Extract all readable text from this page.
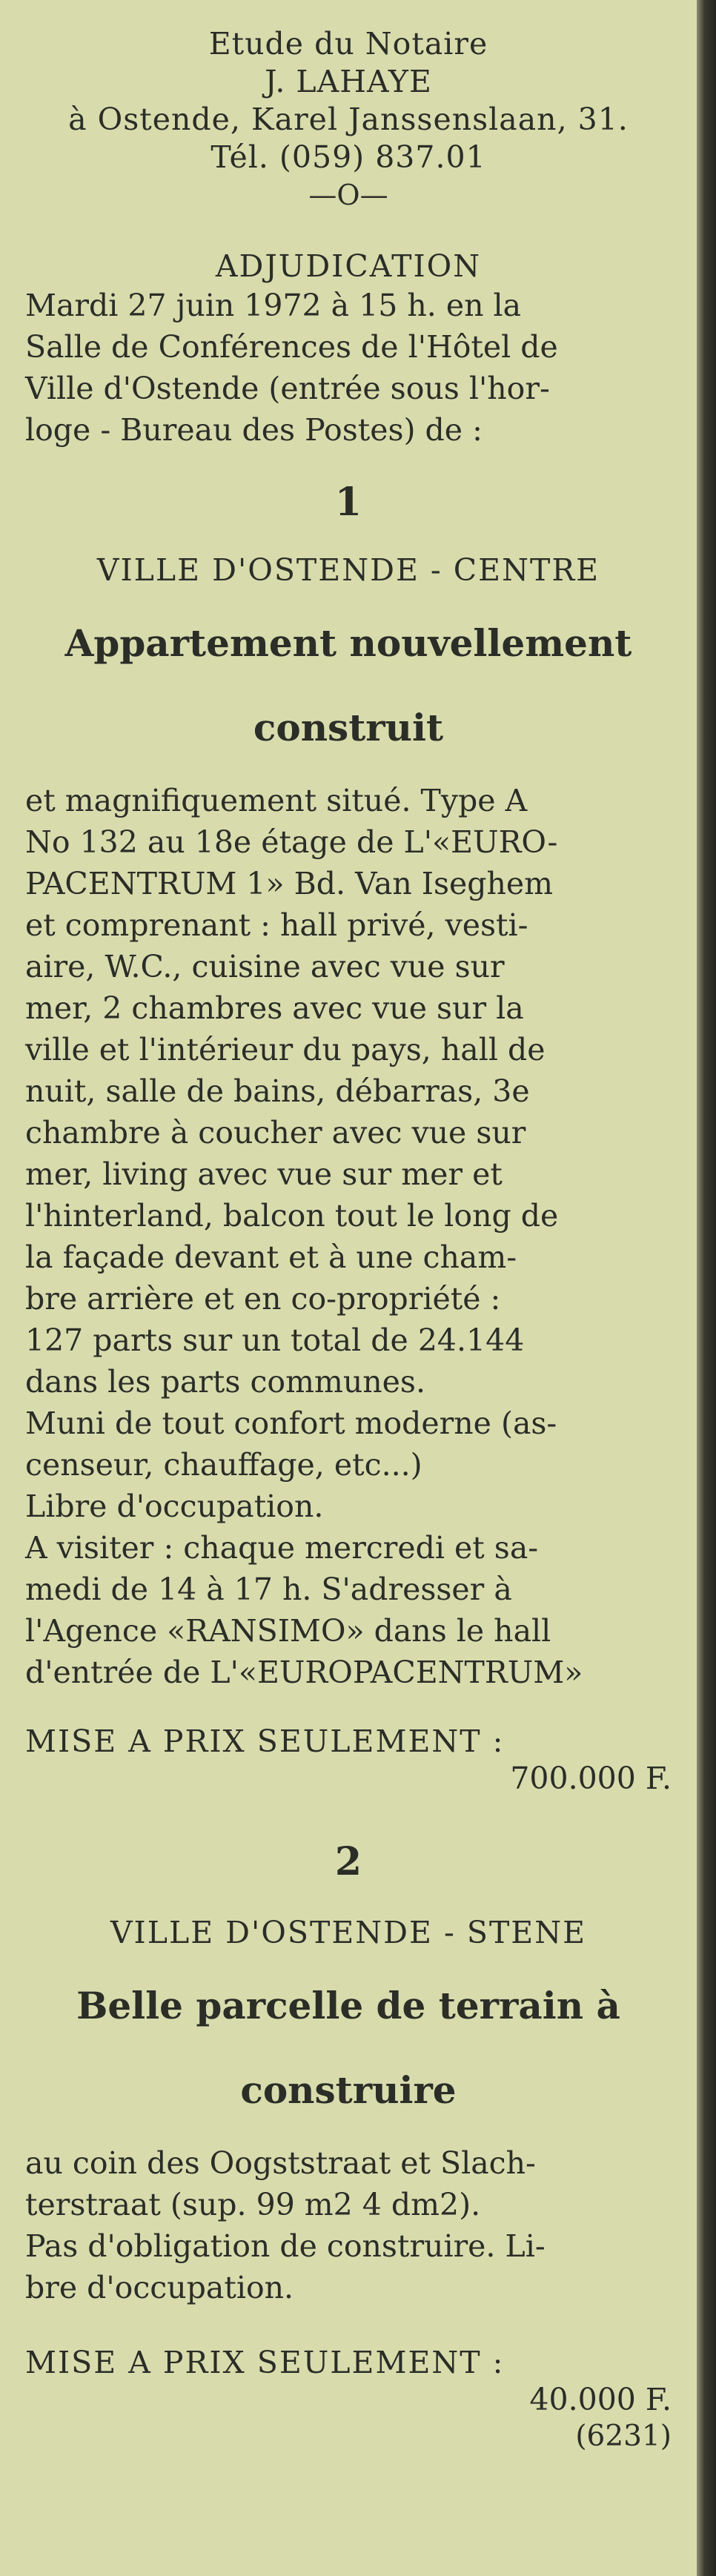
Etude du Notaire
J. LAHAYE
à Ostende, Karel Janssenslaan, 31.
Tél. (059) 837.01
—O—
ADJUDICATION
Mardi 27 juin 1972 à 15 h. en la
Salle de Conférences de l'Hôtel de
Ville d'Ostende (entrée sous l'hor-
loge - Bureau des Postes) de :
1
VILLE D'OSTENDE - CENTRE
Appartement nouvellement
construit
et magnifiquement situé. Type A
No 132 au 18e étage de L'«EURO-
PACENTRUM 1» Bd. Van Iseghem
et comprenant : hall privé, vesti-
aire, W.C., cuisine avec vue sur
mer, 2 chambres avec vue sur la
ville et l'intérieur du pays, hall de
nuit, salle de bains, débarras, 3e
chambre à coucher avec vue sur
mer, living avec vue sur mer et
l'hinterland, balcon tout le long de
la façade devant et à une cham-
bre arrière et en co-propriété :
127 parts sur un total de 24.144
dans les parts communes.
Muni de tout confort moderne (as-
censeur, chauffage, etc...)
Libre d'occupation.
A visiter : chaque mercredi et sa-
medi de 14 à 17 h. S'adresser à
l'Agence «RANSIMO» dans le hall
d'entrée de L'«EUROPACENTRUM»
MISE A PRIX SEULEMENT :
700.000 F.
2
VILLE D'OSTENDE - STENE
Belle parcelle de terrain à
construire
au coin des Oogststraat et Slach-
terstraat (sup. 99 m2 4 dm2).
Pas d'obligation de construire. Li-
bre d'occupation.
MISE A PRIX SEULEMENT :
40.000 F.
(6231)
